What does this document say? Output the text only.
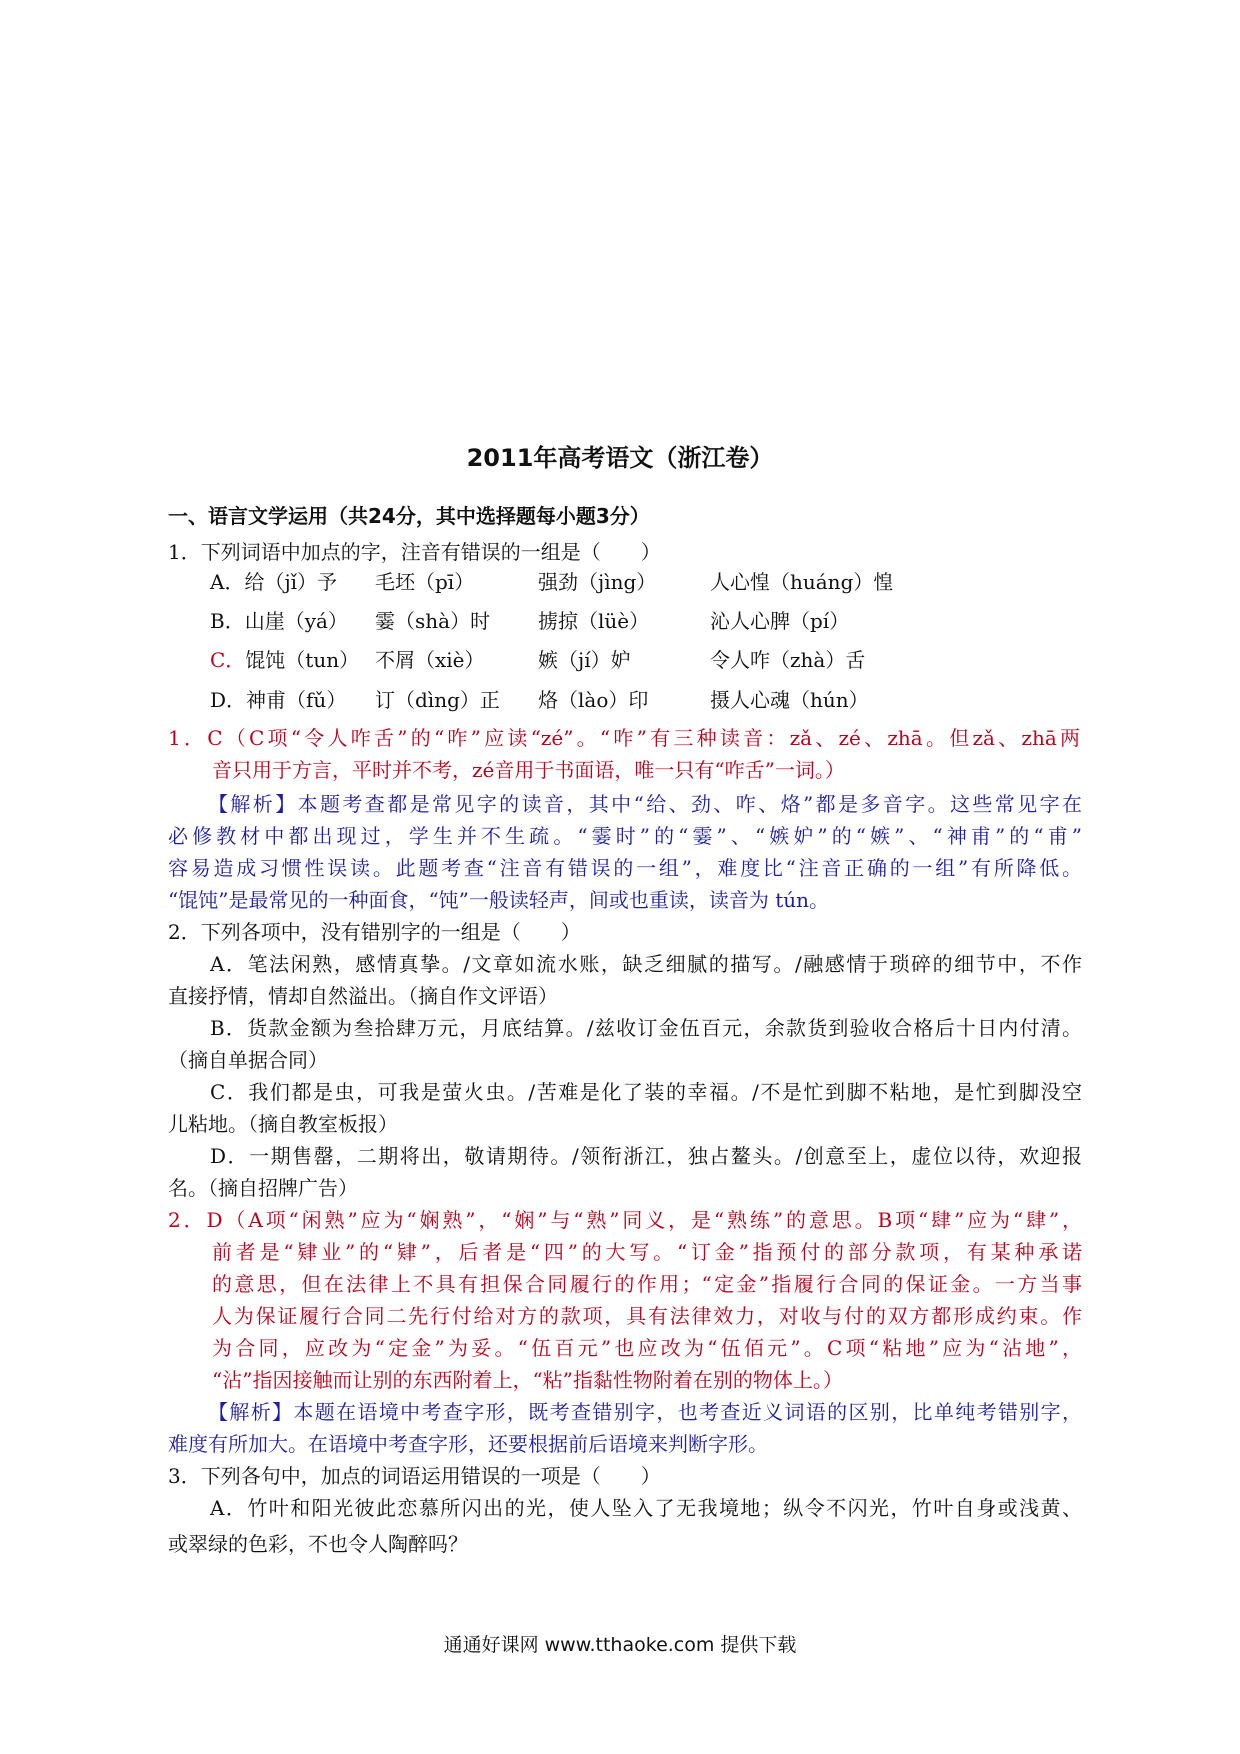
2011年高考语文（浙江卷）
一、语言文学运用（共24分，其中选择题每小题3分）
1．下列词语中加点的字，注音有错误的一组是（　　）
A．给（jǐ）予 毛坯（pī）	强劲（jìng）	人心惶（huáng）惶
B．山崖（yá） 霎（shà）时 掳掠（lüè）	沁人心脾（pí）
C．馄饨（tun） 不屑（xiè）	嫉（jí）妒	令人咋（zhà）舌
D．神甫（fǔ） 订（dìng）正 烙（lào）印	摄人心魂（hún）
1．C（C项“令人咋舌”的“咋”应读“zé”。“咋”有三种读音：zǎ、zé、zhā。但zǎ、zhā两
音只用于方言，平时并不考，zé音用于书面语，唯一只有“咋舌”一词。）
【解析】本题考查都是常见字的读音，其中“给、劲、咋、烙”都是多音字。这些常见字在
必修教材中都出现过，学生并不生疏。“霎时”的“霎”、“嫉妒”的“嫉”、“神甫”的“甫”
容易造成习惯性误读。此题考查“注音有错误的一组”，难度比“注音正确的一组”有所降低。
“馄饨”是最常见的一种面食，“饨”一般读轻声，间或也重读，读音为 tún。
2．下列各项中，没有错别字的一组是（　　）
A．笔法闲熟，感情真挚。/文章如流水账，缺乏细腻的描写。/融感情于琐碎的细节中，不作
直接抒情，情却自然溢出。（摘自作文评语）
B．货款金额为叁拾肆万元，月底结算。/兹收订金伍百元，余款货到验收合格后十日内付清。
（摘自单据合同）
C．我们都是虫，可我是萤火虫。/苦难是化了装的幸福。/不是忙到脚不粘地，是忙到脚没空
儿粘地。（摘自教室板报）
D．一期售罄，二期将出，敬请期待。/领衔浙江，独占鳌头。/创意至上，虚位以待，欢迎报
名。（摘自招牌广告）
2．D（A项“闲熟”应为“娴熟”，“娴”与“熟”同义，是“熟练”的意思。B项“肆”应为“肆”，
前者是“肄业”的“肄”，后者是“四”的大写。“订金”指预付的部分款项，有某种承诺
的意思，但在法律上不具有担保合同履行的作用；“定金”指履行合同的保证金。一方当事
人为保证履行合同二先行付给对方的款项，具有法律效力，对收与付的双方都形成约束。作
为合同，应改为“定金”为妥。“伍百元”也应改为“伍佰元”。C项“粘地”应为“沾地”，
“沾”指因接触而让别的东西附着上，“粘”指黏性物附着在别的物体上。）
【解析】本题在语境中考查字形，既考查错别字，也考查近义词语的区别，比单纯考错别字，
难度有所加大。在语境中考查字形，还要根据前后语境来判断字形。
3．下列各句中，加点的词语运用错误的一项是（　　）
A．竹叶和阳光彼此恋慕所闪出的光，使人坠入了无我境地；纵令不闪光，竹叶自身或浅黄、
或翠绿的色彩，不也令人陶醉吗？
通通好课网 www.tthaoke.com 提供下载
